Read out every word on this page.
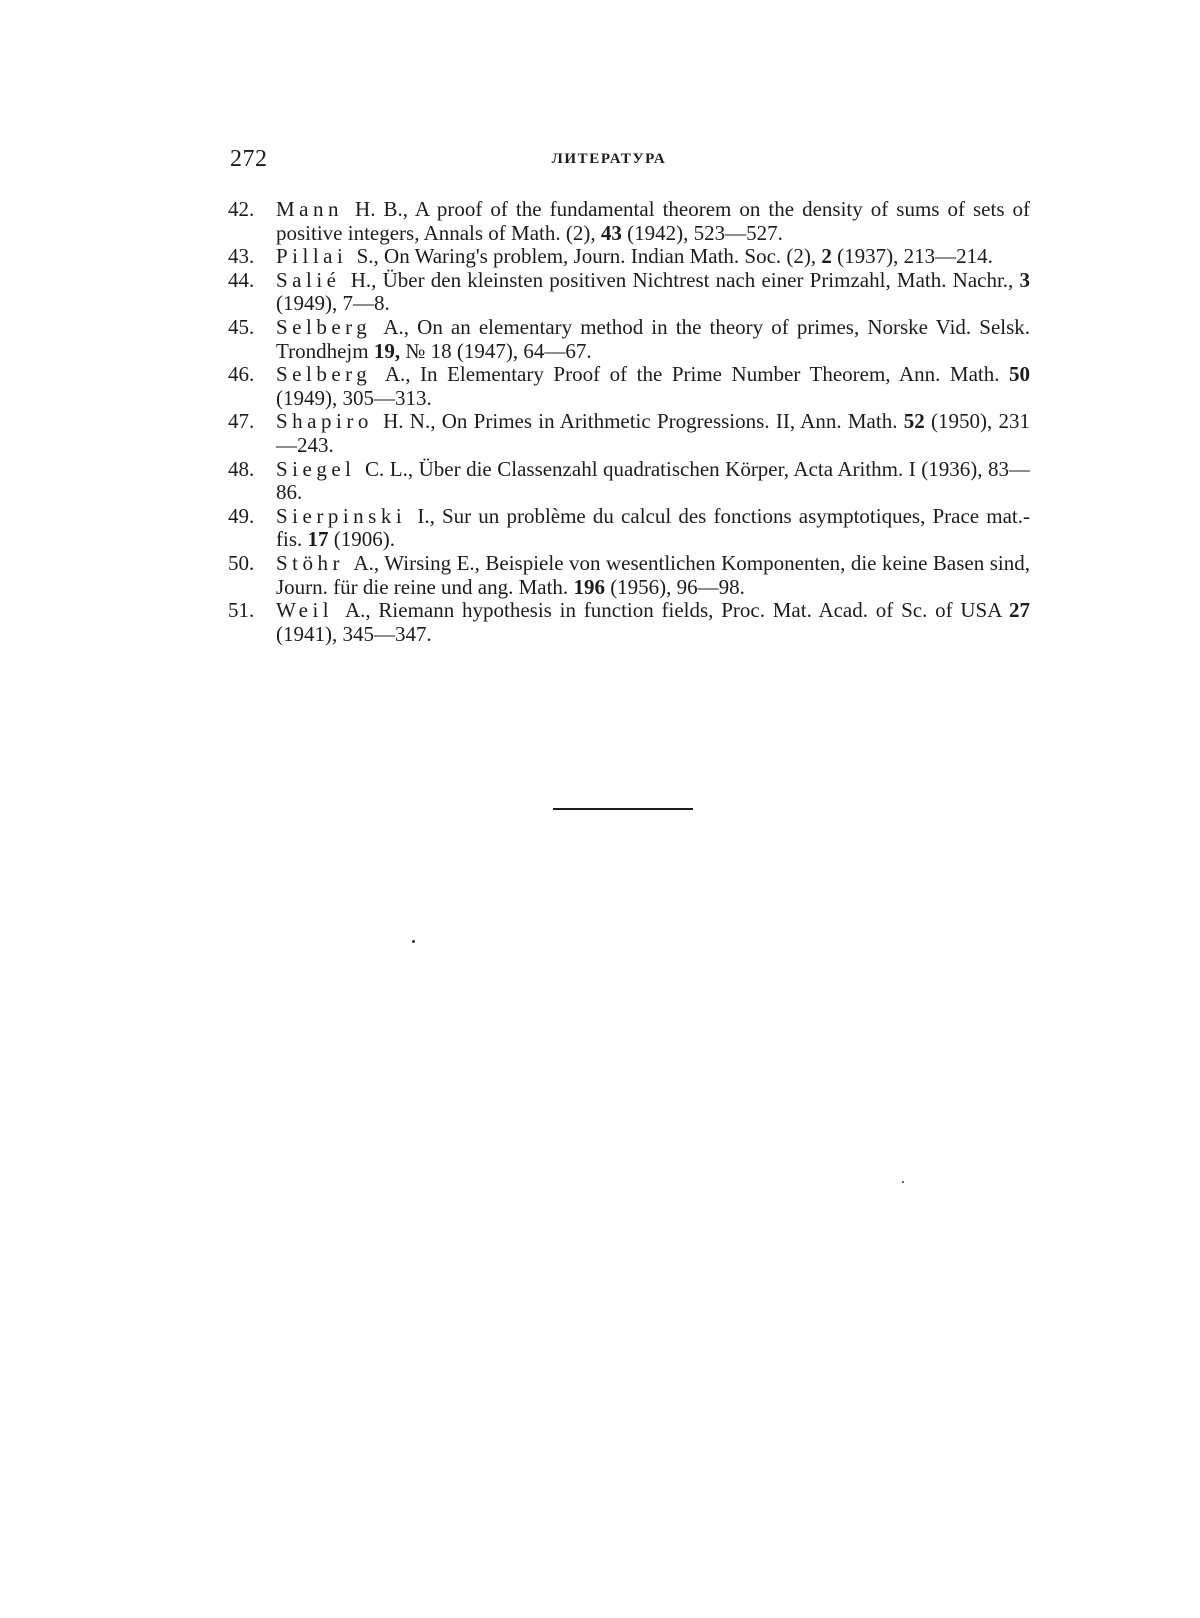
272	ЛИТЕРАТУРА
42. Mann H. B., A proof of the fundamental theorem on the density of sums of sets of positive integers, Annals of Math. (2), 43 (1942), 523—527.
43. Pillai S., On Waring's problem, Journ. Indian Math. Soc. (2), 2 (1937), 213—214.
44. Salié H., Über den kleinsten positiven Nichtrest nach einer Primzahl, Math. Nachr., 3 (1949), 7—8.
45. Selberg A., On an elementary method in the theory of primes, Norske Vid. Selsk. Trondhejm 19, № 18 (1947), 64—67.
46. Selberg A., In Elementary Proof of the Prime Number Theorem, Ann. Math. 50 (1949), 305—313.
47. Shapiro H. N., On Primes in Arithmetic Progressions. II, Ann. Math. 52 (1950), 231—243.
48. Siegel C. L., Über die Classenzahl quadratischen Körper, Acta Arithm. I (1936), 83—86.
49. Sierpinski I., Sur un problème du calcul des fonctions asymptotiques, Prace mat.-fis. 17 (1906).
50. Stöhr A., Wirsing E., Beispiele von wesentlichen Komponenten, die keine Basen sind, Journ. für die reine und ang. Math. 196 (1956), 96—98.
51. Weil A., Riemann hypothesis in function fields, Proc. Mat. Acad. of Sc. of USA 27 (1941), 345—347.
